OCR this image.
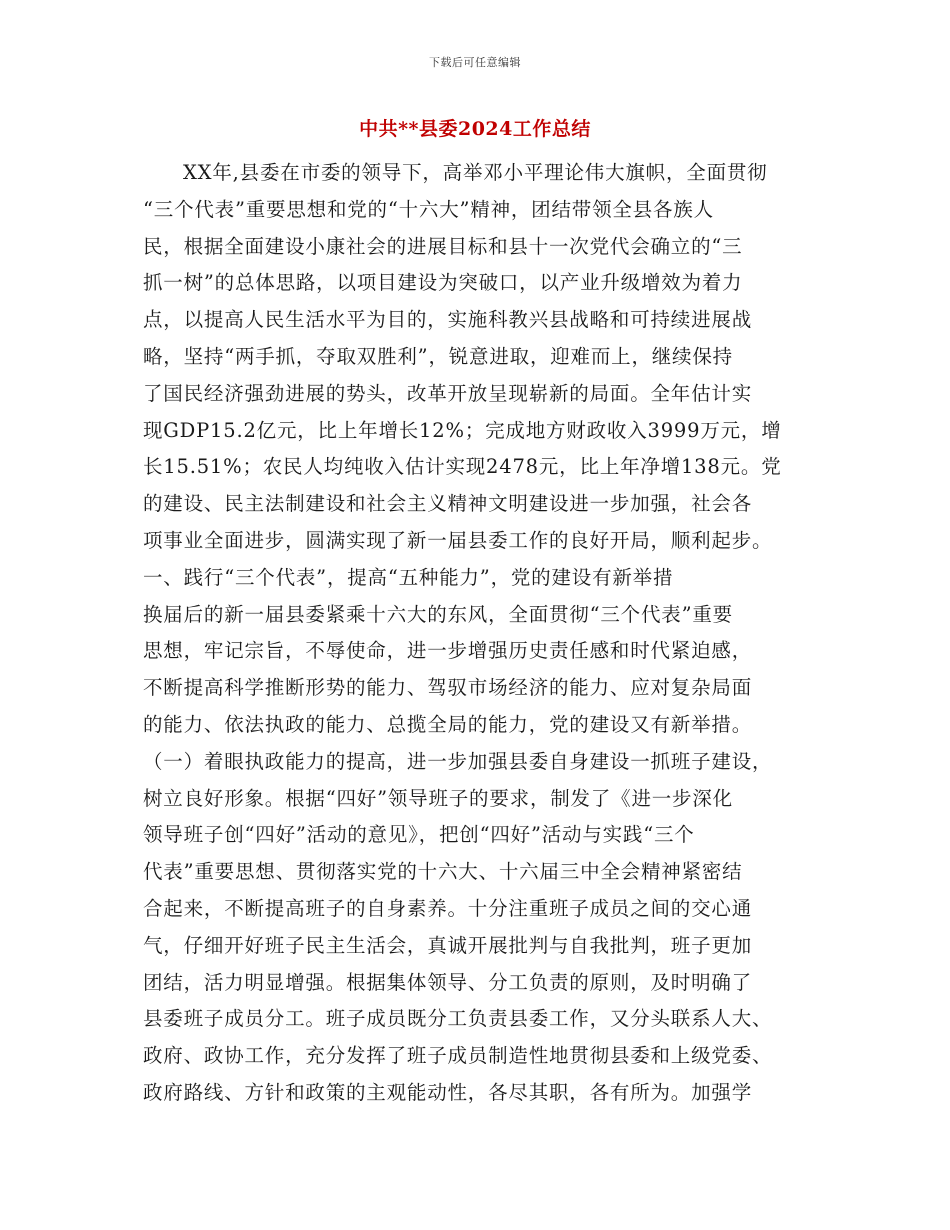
下载后可任意编辑
中共**县委2024工作总结
XX年,县委在市委的领导下，高举邓小平理论伟大旗帜，全面贯彻
“三个代表”重要思想和党的“十六大”精神，团结带领全县各族人
民，根据全面建设小康社会的进展目标和县十一次党代会确立的“三
抓一树”的总体思路，以项目建设为突破口，以产业升级增效为着力
点，以提高人民生活水平为目的，实施科教兴县战略和可持续进展战
略，坚持“两手抓，夺取双胜利”，锐意进取，迎难而上，继续保持
了国民经济强劲进展的势头，改革开放呈现崭新的局面。全年估计实
现GDP15.2亿元，比上年增长12%；完成地方财政收入3999万元，增
长15.51%；农民人均纯收入估计实现2478元，比上年净增138元。党
的建设、民主法制建设和社会主义精神文明建设进一步加强，社会各
项事业全面进步，圆满实现了新一届县委工作的良好开局，顺利起步。
一、践行“三个代表”，提高“五种能力”，党的建设有新举措
换届后的新一届县委紧乘十六大的东风，全面贯彻“三个代表”重要
思想，牢记宗旨，不辱使命，进一步增强历史责任感和时代紧迫感，
不断提高科学推断形势的能力、驾驭市场经济的能力、应对复杂局面
的能力、依法执政的能力、总揽全局的能力，党的建设又有新举措。
（一）着眼执政能力的提高，进一步加强县委自身建设一抓班子建设，
树立良好形象。根据“四好”领导班子的要求，制发了《进一步深化
领导班子创“四好”活动的意见》，把创“四好”活动与实践“三个
代表”重要思想、贯彻落实党的十六大、十六届三中全会精神紧密结
合起来，不断提高班子的自身素养。十分注重班子成员之间的交心通
气，仔细开好班子民主生活会，真诚开展批判与自我批判，班子更加
团结，活力明显增强。根据集体领导、分工负责的原则，及时明确了
县委班子成员分工。班子成员既分工负责县委工作，又分头联系人大、
政府、政协工作，充分发挥了班子成员制造性地贯彻县委和上级党委、
政府路线、方针和政策的主观能动性，各尽其职，各有所为。加强学
